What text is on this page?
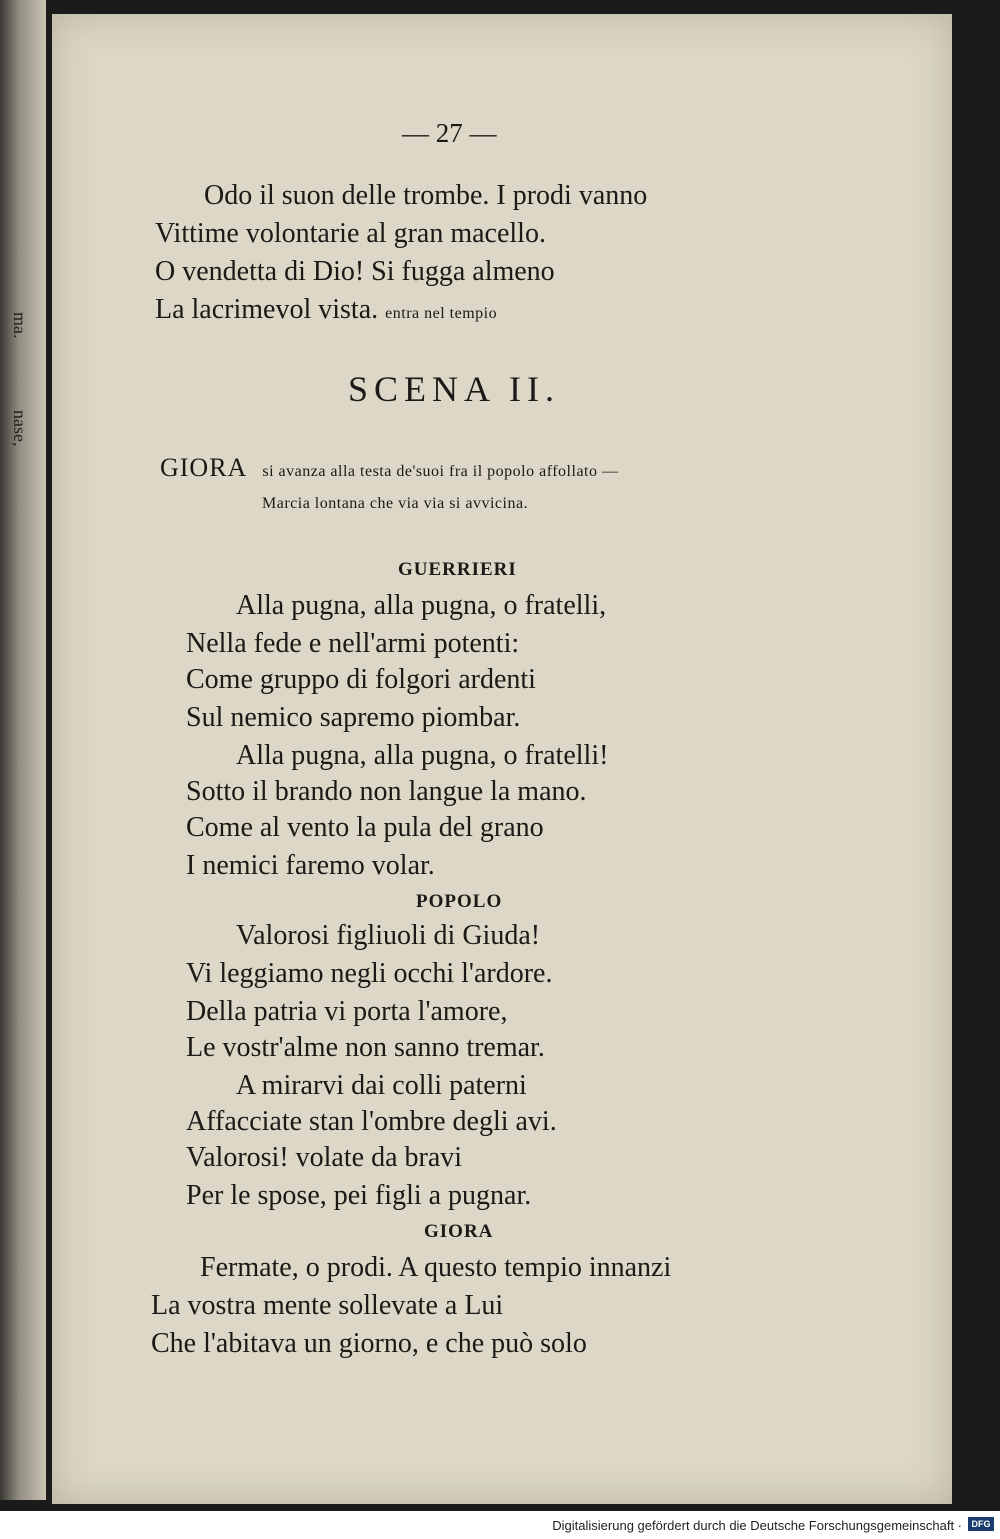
ma.
nase,
— 27 —
Odo il suon delle trombe. I prodi vanno
Vittime volontarie al gran macello.
O vendetta di Dio! Si fugga almeno
La lacrimevol vista. entra nel tempio
SCENA II.
GIORA si avanza alla testa de'suoi fra il popolo affollato —
Marcia lontana che via via si avvicina.
GUERRIERI
Alla pugna, alla pugna, o fratelli,
Nella fede e nell'armi potenti:
Come gruppo di folgori ardenti
Sul nemico sapremo piombar.
Alla pugna, alla pugna, o fratelli!
Sotto il brando non langue la mano.
Come al vento la pula del grano
I nemici faremo volar.
POPOLO
Valorosi figliuoli di Giuda!
Vi leggiamo negli occhi l'ardore.
Della patria vi porta l'amore,
Le vostr'alme non sanno tremar.
A mirarvi dai colli paterni
Affacciate stan l'ombre degli avi.
Valorosi! volate da bravi
Per le spose, pei figli a pugnar.
GIORA
Fermate, o prodi. A questo tempio innanzi
La vostra mente sollevate a Lui
Che l'abitava un giorno, e che può solo
Digitalisierung gefördert durch die Deutsche Forschungsgemeinschaft ·	DFG
